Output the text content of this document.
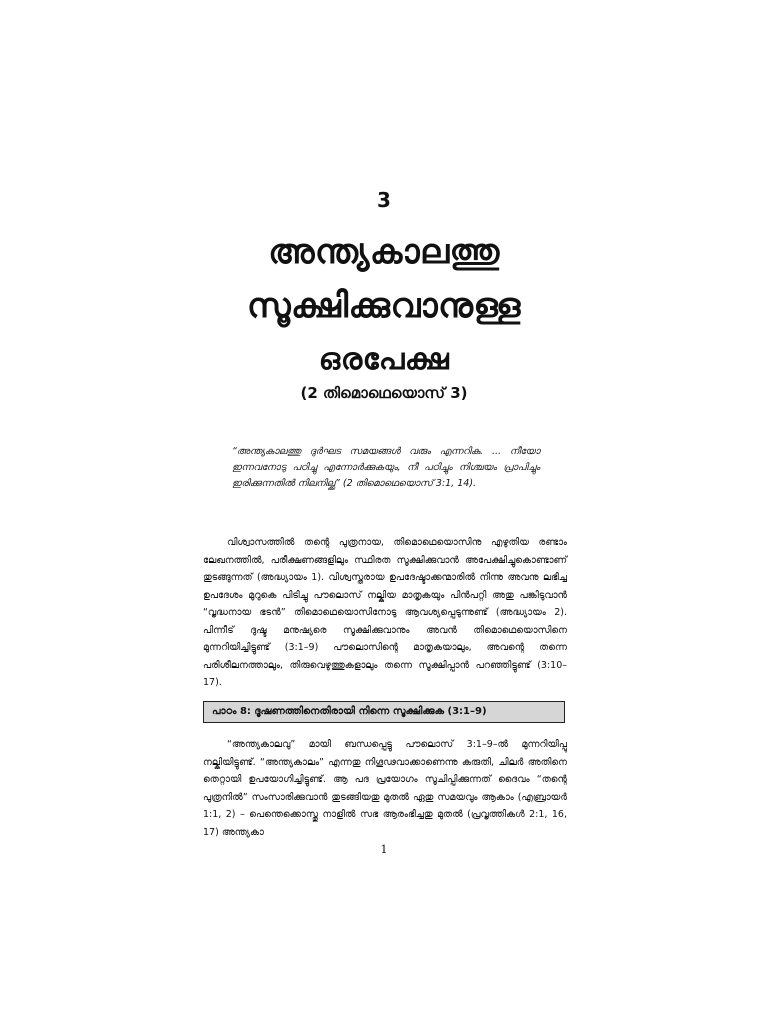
3
അന്ത്യകാലത്തു
സൂക്ഷിക്കുവാനുള്ള
ഒരപേക്ഷ
(2 തിമൊഥെയൊസ് 3)
“അന്ത്യകാലത്തു ദുർഘട സമയങ്ങൾ വരും എന്നറിക. ... നീയോ ഇന്നവനോടു പഠിച്ചു എന്നോർക്കുകയും, നീ പഠിച്ചും നിശ്ചയം പ്രാപിച്ചും ഇരിക്കുന്നതിൽ നിലനില്ക്ക” (2 തിമൊഥെയൊസ് 3:1, 14).
വിശ്വാസത്തിൽ തന്റെ പുത്രനായ, തിമൊഥെയൊസിനു എഴുതിയ രണ്ടാം ലേഖനത്തിൽ, പരീക്ഷണങ്ങളിലും സ്ഥിരത സൂക്ഷിക്കുവാൻ അപേക്ഷിച്ചുകൊണ്ടാണ് തുടങ്ങുന്നത് (അദ്ധ്യായം 1). വിശ്വസ്തരായ ഉപദേഷ്ടാക്കന്മാരിൽ നിന്നു അവനു ലഭിച്ച ഉപദേശം മുറുകെ പിടിച്ചു പൗലൊസ് നല്കിയ മാതൃകയും പിൻപറ്റി അതു പങ്കിടുവാൻ “വൃദ്ധനായ ഭടൻ” തിമൊഥെയൊസിനോടു ആവശ്യപ്പെടുന്നുണ്ട് (അദ്ധ്യായം 2). പിന്നീട് ദുഷ്ട മനുഷ്യരെ സൂക്ഷിക്കുവാനും അവൻ തിമൊഥെയൊസിനെ മുന്നറിയിച്ചിട്ടുണ്ട് (3:1–9) പൗലൊസിന്റെ മാതൃകയാലും, അവന്റെ തന്നെ പരിശീലനത്താലും, തിരുവെഴുത്തുകളാലും തന്നെ സൂക്ഷിപ്പാൻ പറഞ്ഞിട്ടുണ്ട് (3:10–17).
പാഠം 8: ദൂഷണത്തിനെതിരായി നിന്നെ സൂക്ഷിക്കുക (3:1–9)
“അന്ത്യകാലവു” മായി ബന്ധപ്പെട്ടു പൗലൊസ് 3:1–9–ൽ മുന്നറിയിപ്പു നല്കിയിട്ടുണ്ട്. “അന്ത്യകാലം” എന്നതു നിഗൂഢവാക്കാണെന്നു കരുതി, ചിലർ അതിനെ തെറ്റായി ഉപയോഗിച്ചിട്ടുണ്ട്. ആ പദ പ്രയോഗം സൂചിപ്പിക്കുന്നത് ദൈവം “തന്റെ പുത്രനിൽ” സംസാരിക്കുവാൻ തുടങ്ങിയതു മുതൽ ഏതു സമയവും ആകാം (എബ്രായർ 1:1, 2) – പെന്തെക്കൊസ്തു നാളിൽ സഭ ആരംഭിച്ചതു മുതൽ (പ്രവൃത്തികൾ 2:1, 16, 17) അന്ത്യകാ
1
